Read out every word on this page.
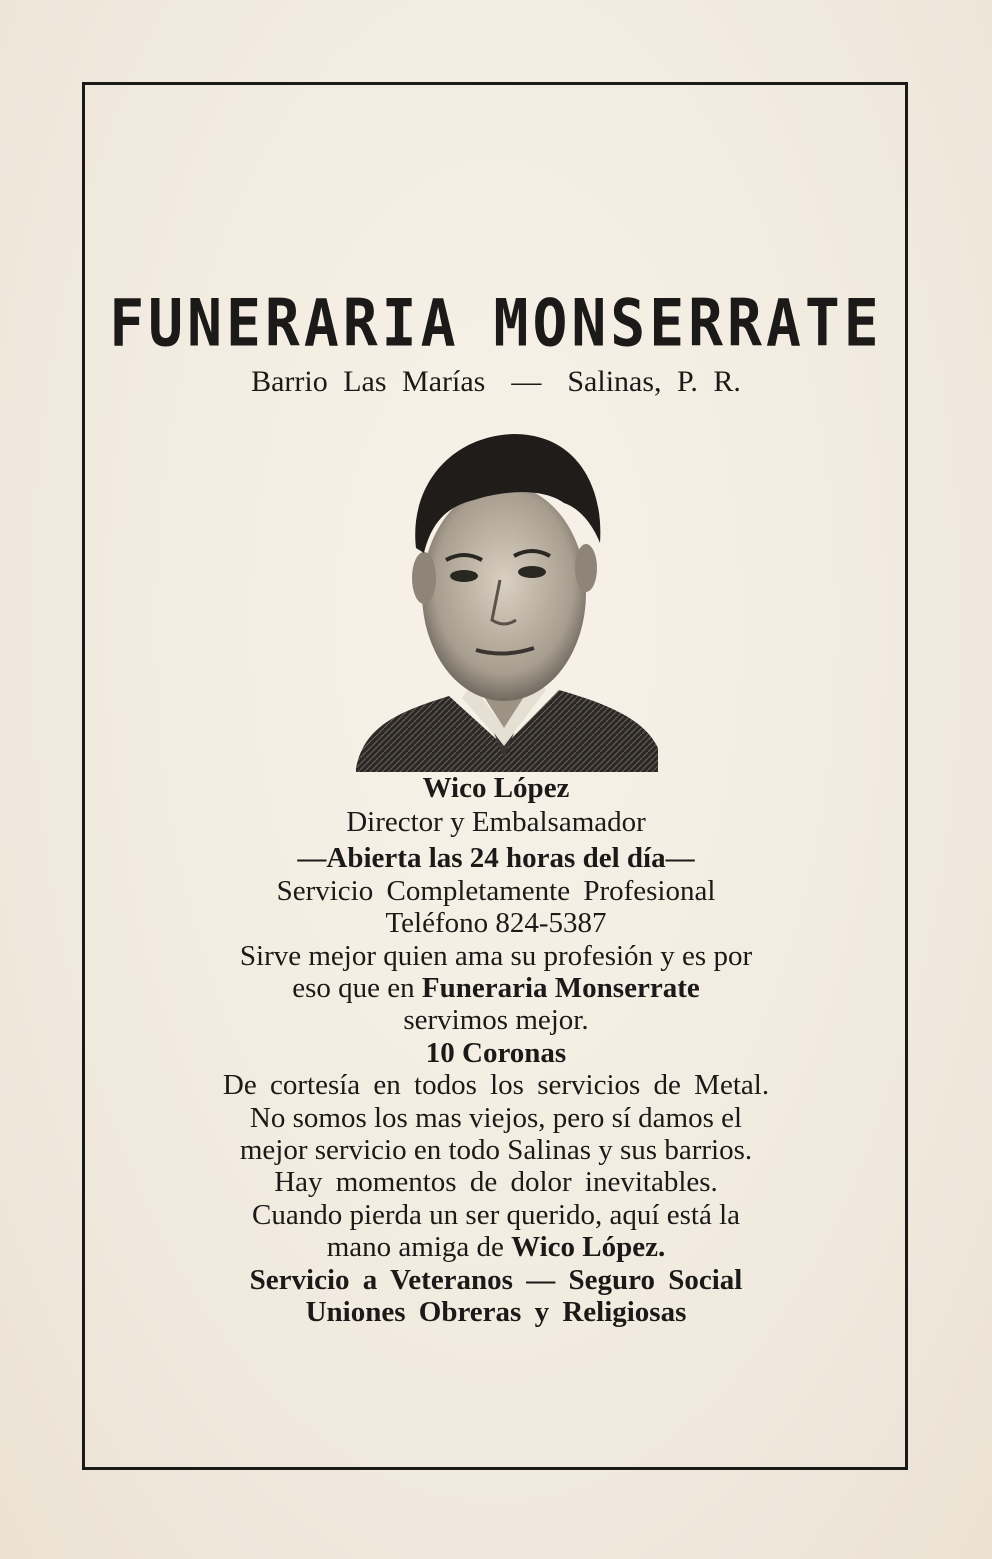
FUNERARIA MONSERRATE
Barrio Las Marías — Salinas, P. R.
Wico López
Director y Embalsamador
—Abierta las 24 horas del día—
Servicio Completamente Profesional
Teléfono 824-5387
Sirve mejor quien ama su profesión y es por
eso que en Funeraria Monserrate
servimos mejor.
10 Coronas
De cortesía en todos los servicios de Metal.
No somos los mas viejos, pero sí damos el
mejor servicio en todo Salinas y sus barrios.
Hay momentos de dolor inevitables.
Cuando pierda un ser querido, aquí está la
mano amiga de Wico López.
Servicio a Veteranos — Seguro Social
Uniones Obreras y Religiosas
